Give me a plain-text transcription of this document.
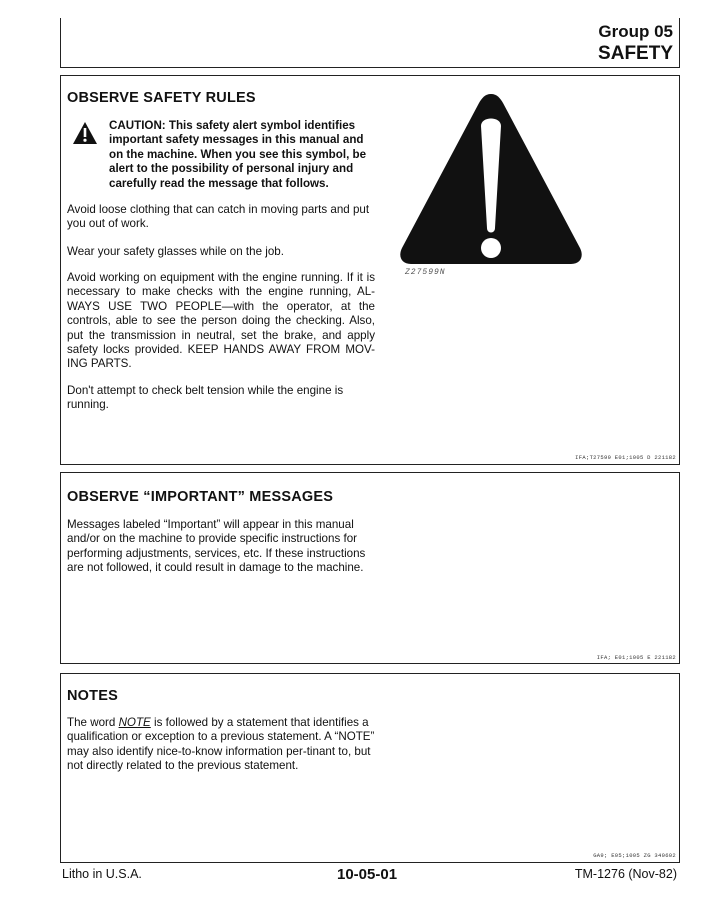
Group 05
SAFETY
OBSERVE SAFETY RULES
CAUTION: This safety alert symbol identifies important safety messages in this manual and on the machine. When you see this symbol, be alert to the possibility of personal injury and carefully read the message that follows.
Avoid loose clothing that can catch in moving parts and put you out of work.
Wear your safety glasses while on the job.
Avoid working on equipment with the engine running. If it is necessary to make checks with the engine running, AL-WAYS USE TWO PEOPLE—with the operator, at the controls, able to see the person doing the checking. Also, put the transmission in neutral, set the brake, and apply safety locks provided. KEEP HANDS AWAY FROM MOV-ING PARTS.
Don't attempt to check belt tension while the engine is running.
Z27599N
IFA;T27599 E01;1005 D 221182
OBSERVE “IMPORTANT” MESSAGES
Messages labeled “Important” will appear in this manual and/or on the machine to provide specific instructions for performing adjustments, services, etc. If these instructions are not followed, it could result in damage to the machine.
IFA; E01;1005 E 221182
NOTES
The word NOTE is followed by a statement that identifies a qualification or exception to a previous statement. A “NOTE” may also identify nice-to-know information per-tinant to, but not directly related to the previous statement.
GA9; E05;1005 ZG 340602
Litho in U.S.A.	10-05-01	TM-1276 (Nov-82)
